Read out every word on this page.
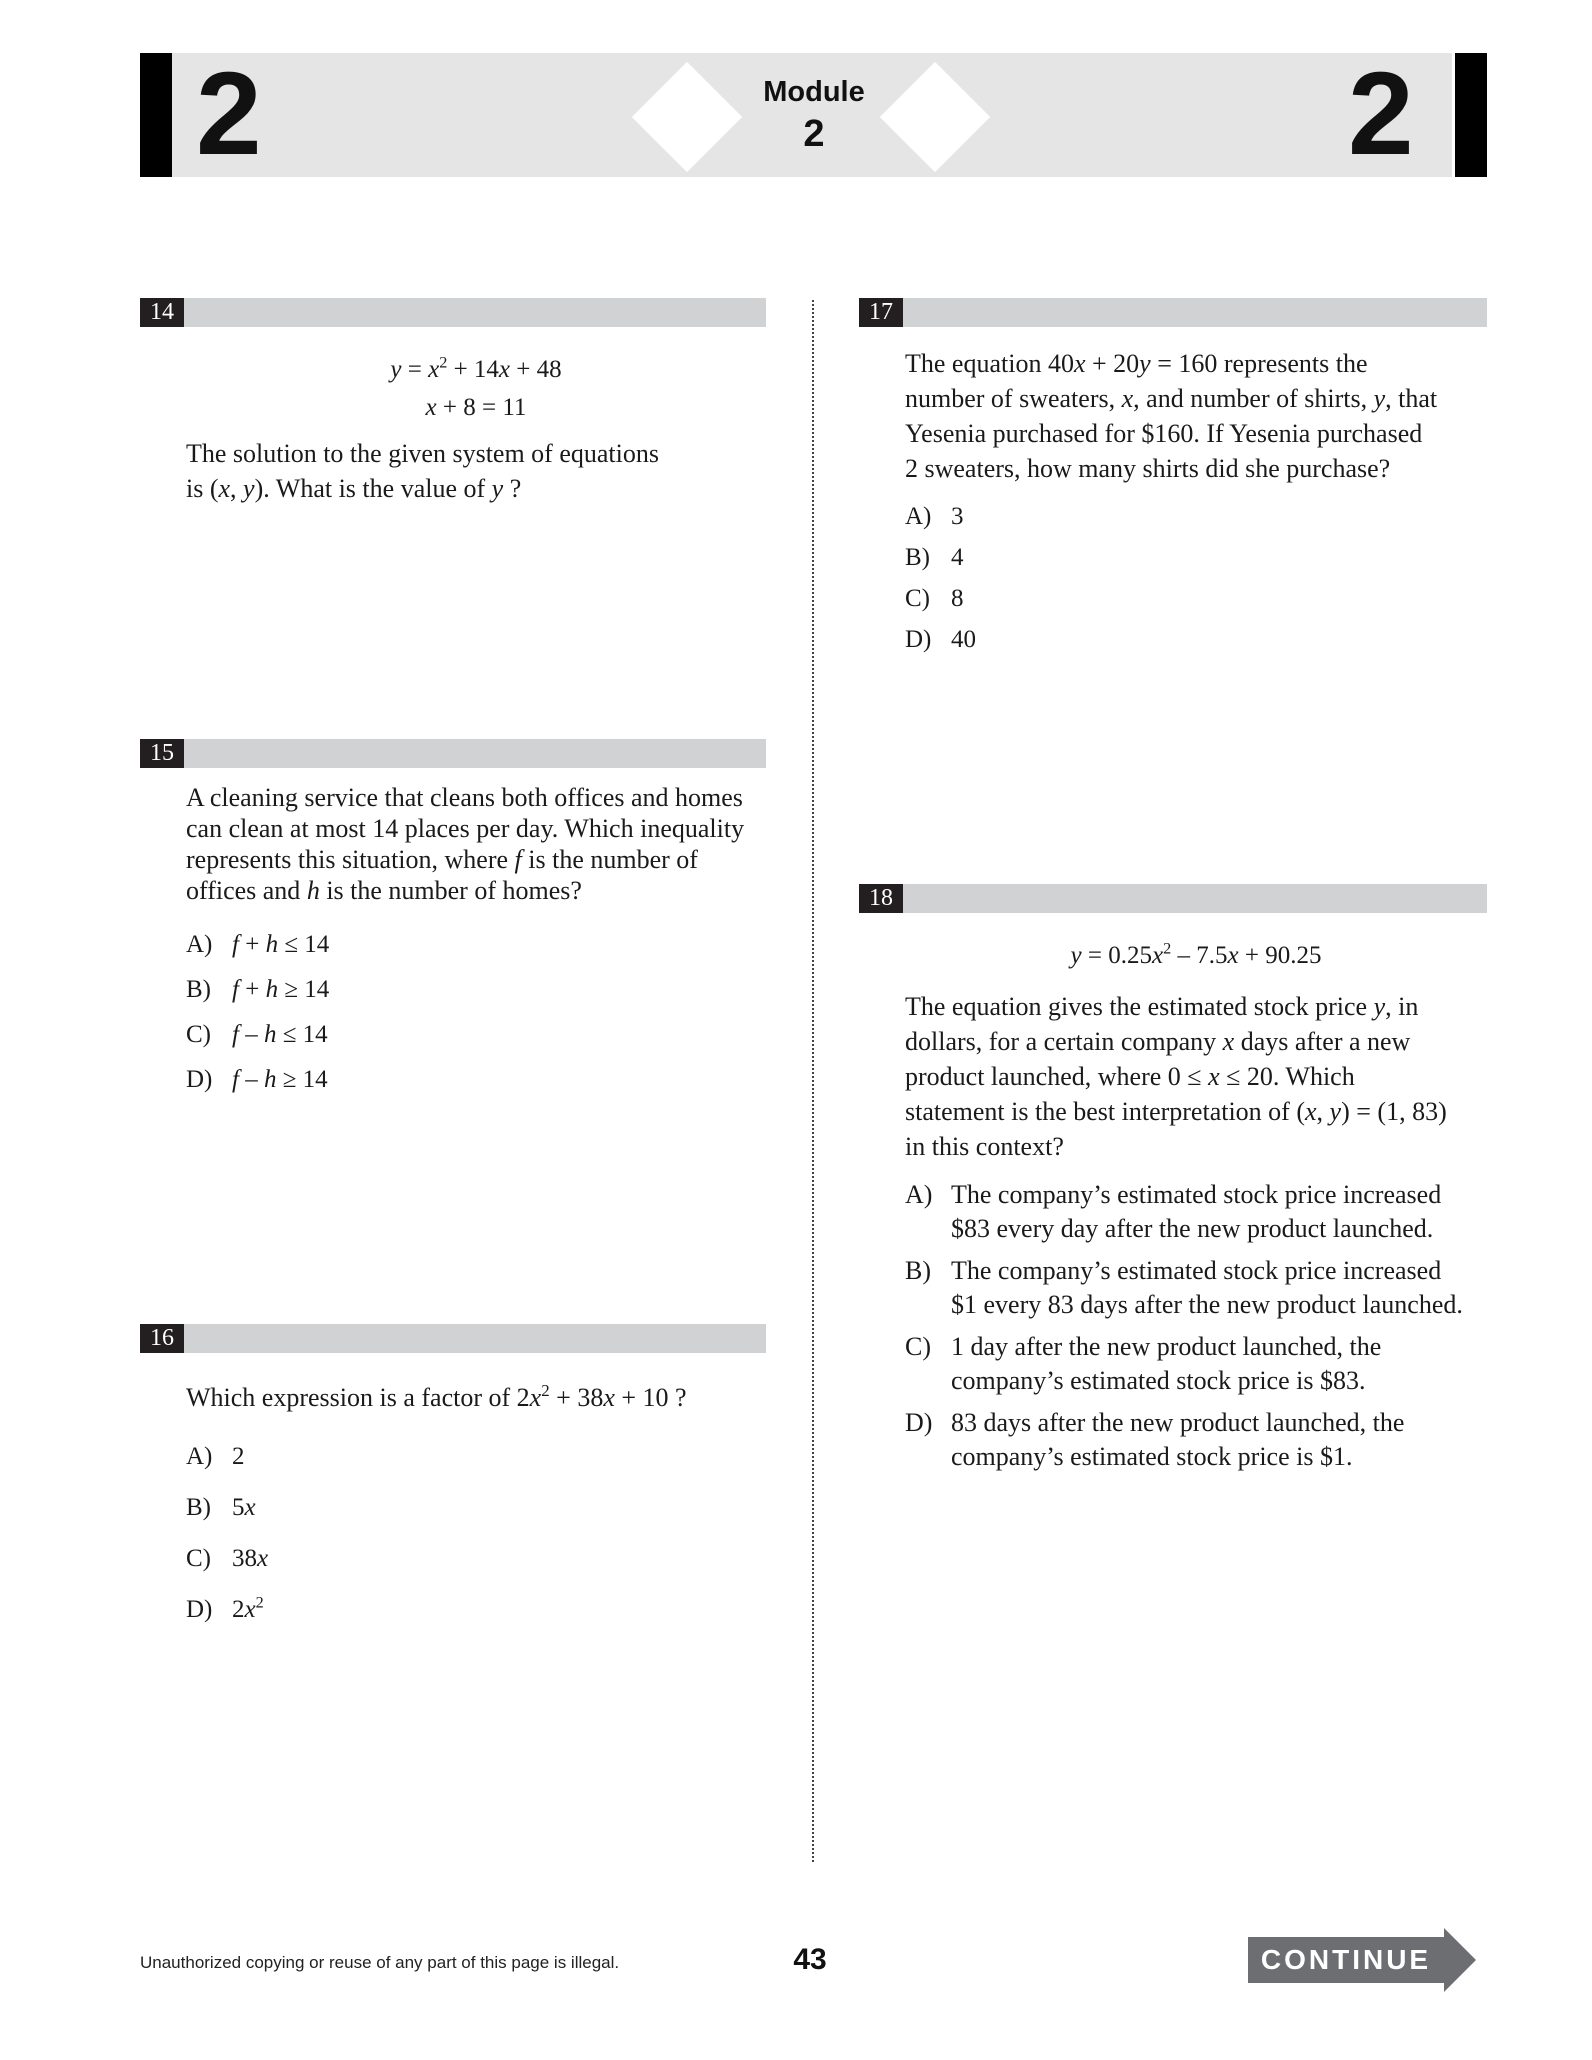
2	2
Module
2
14
$y = x^2 + 14x + 48$
x + 8 = 11
The solution to the given system of equations
is (x, y). What is the value of y ?
15
A cleaning service that cleans both offices and homes
can clean at most 14 places per day. Which inequality
represents this situation, where f is the number of
offices and h is the number of homes?
A) f + h ≤ 14
B) f + h ≥ 14
C) f – h ≤ 14
D) f – h ≥ 14
16
Which expression is a factor of $2x^2 + 38x + 10$ ?
A) 2
B) 5x
C) 38x
D) $2x^2$
17
The equation 40x + 20y = 160 represents the
number of sweaters, x, and number of shirts, y, that
Yesenia purchased for $160. If Yesenia purchased
2 sweaters, how many shirts did she purchase?
A) 3
B) 4
C) 8
D) 40
18
$y = 0.25x^2 - 7.5x + 90.25$
The equation gives the estimated stock price y, in
dollars, for a certain company x days after a new
product launched, where 0 ≤ x ≤ 20. Which
statement is the best interpretation of (x, y) = (1, 83)
in this context?
A) The company’s estimated stock price increased
$83 every day after the new product launched.
B) The company’s estimated stock price increased
$1 every 83 days after the new product launched.
C) 1 day after the new product launched, the
company’s estimated stock price is $83.
D) 83 days after the new product launched, the
company’s estimated stock price is $1.
Unauthorized copying or reuse of any part of this page is illegal.	43	CONTINUE
